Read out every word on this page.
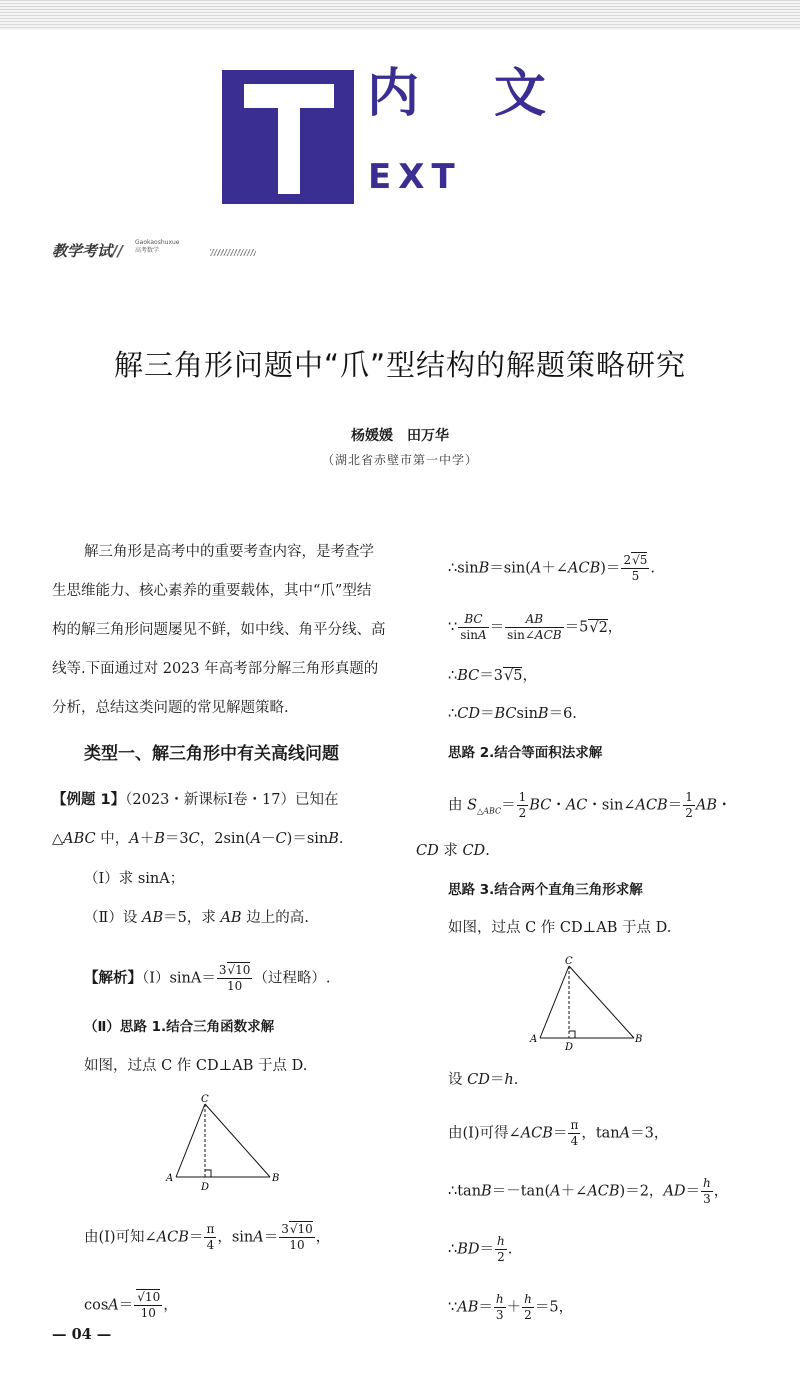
内 文
EXT
教学考试// Gaokaoshuxue
高考数学
解三角形问题中“爪”型结构的解题策略研究
杨媛媛　田万华
（湖北省赤壁市第一中学）
解三角形是高考中的重要考查内容，是考查学
生思维能力、核心素养的重要载体，其中“爪”型结
构的解三角形问题屡见不鲜，如中线、角平分线、高
线等.下面通过对 2023 年高考部分解三角形真题的
分析，总结这类问题的常见解题策略.
类型一、解三角形中有关高线问题
【例题 1】（2023・新课标Ⅰ卷・17）已知在
△ABC 中，A＋B＝3C，2sin(A－C)＝sinB.
（Ⅰ）求 sinA；
（Ⅱ）设 AB＝5，求 AB 边上的高.
【解析】（Ⅰ）sinA＝ $\frac{3√10}{10}$ （过程略）.
（Ⅱ）思路 1.结合三角函数求解
如图，过点 C 作 CD⊥AB 于点 D.
C
A	B
D
由(Ⅰ)可知∠ACB＝ $\frac{\pi}{4}$ ，$\sin A= \frac{3√10}{10}$ ，
$\cos A= \frac{√10}{10}$ ，
— 04 —
∴sinB＝sin(A＋∠ACB)＝ $\frac{2√5}{5}$ .
∵ $\frac{BC}{\sin A} = \frac{AB}{\text{sin∠ACB}} =5√2$，
∴BC＝3√5，
∴CD＝BCsinB＝6.
思路 2.结合等面积法求解
由 $S_{\triangle ABC}= \frac{1}{2}$ BC・AC・sin∠ACB＝ $\frac{1}{2}$ AB・
CD 求 CD.
思路 3.结合两个直角三角形求解
如图，过点 C 作 CD⊥AB 于点 D.
C
A	B
D
设 CD＝h.
由(Ⅰ)可得∠ACB＝ $\frac{\pi}{4}$ ，tanA＝3，
∴tanB＝－tan(A＋∠ACB)＝2，$AD= \frac{h}{3}$ ，
∴BD＝ $\frac{h}{2}$ .
∵AB＝ $\frac{h}{3} + \frac{h}{2} =5$，
